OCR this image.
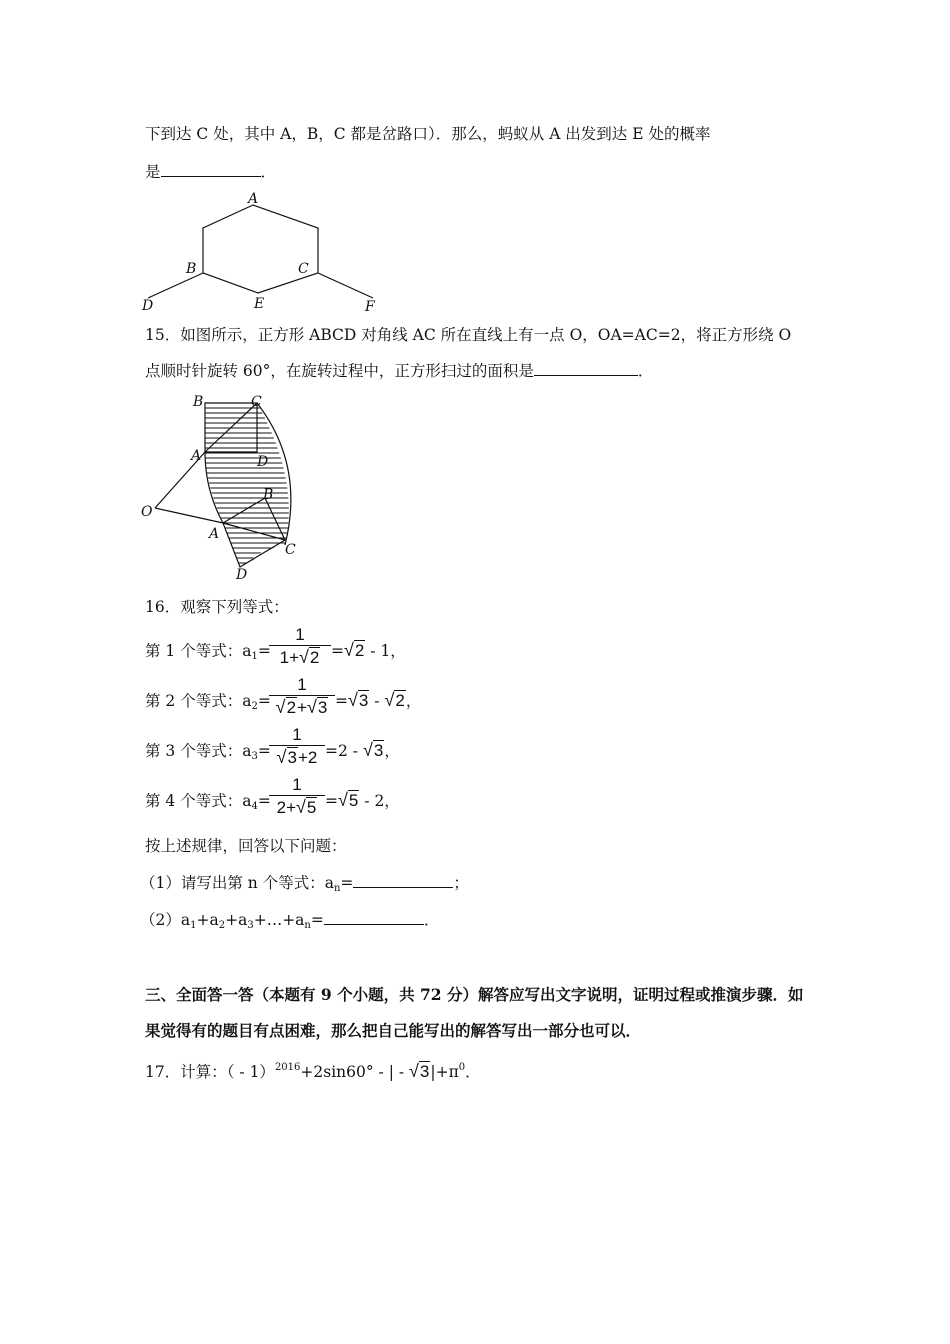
下到达 C 处，其中 A，B，C 都是岔路口）．那么，蚂蚁从 A 出发到达 E 处的概率
是	．
A
B	C
D	E	F
15．如图所示，正方形 ABCD 对角线 AC 所在直线上有一点 O，OA=AC=2，将正方形绕 O
点顺时针旋转 60°，在旋转过程中，正方形扫过的面积是	．
B	C
A	D
O
B
A
C
D
16．观察下列等式：
第 1 个等式：$a_1=$
1
1+√2 =√2 - 1，
第 2 个等式：$a_2=$
1
√2+√3 =√3 - √2，
第 3 个等式：$a_3=$
1
√3+2 =2 - √3，
第 4 个等式：$a_4=$
1
2+√5 =√5 - 2，
按上述规律，回答以下问题：
（1）请写出第 n 个等式：$a_n=$	；
$(2)a_1+a_2+a_3+\dots+a_n=$	．
三、全面答一答（本题有 9 个小题，共 72 分）解答应写出文字说明，证明过程或推演步骤．如
果觉得有的题目有点困难，那么把自己能写出的解答写出一部分也可以．
17．计算：（ - 1）$^{2016}$+2sin60° - | - $√3|+\pi^0$．
